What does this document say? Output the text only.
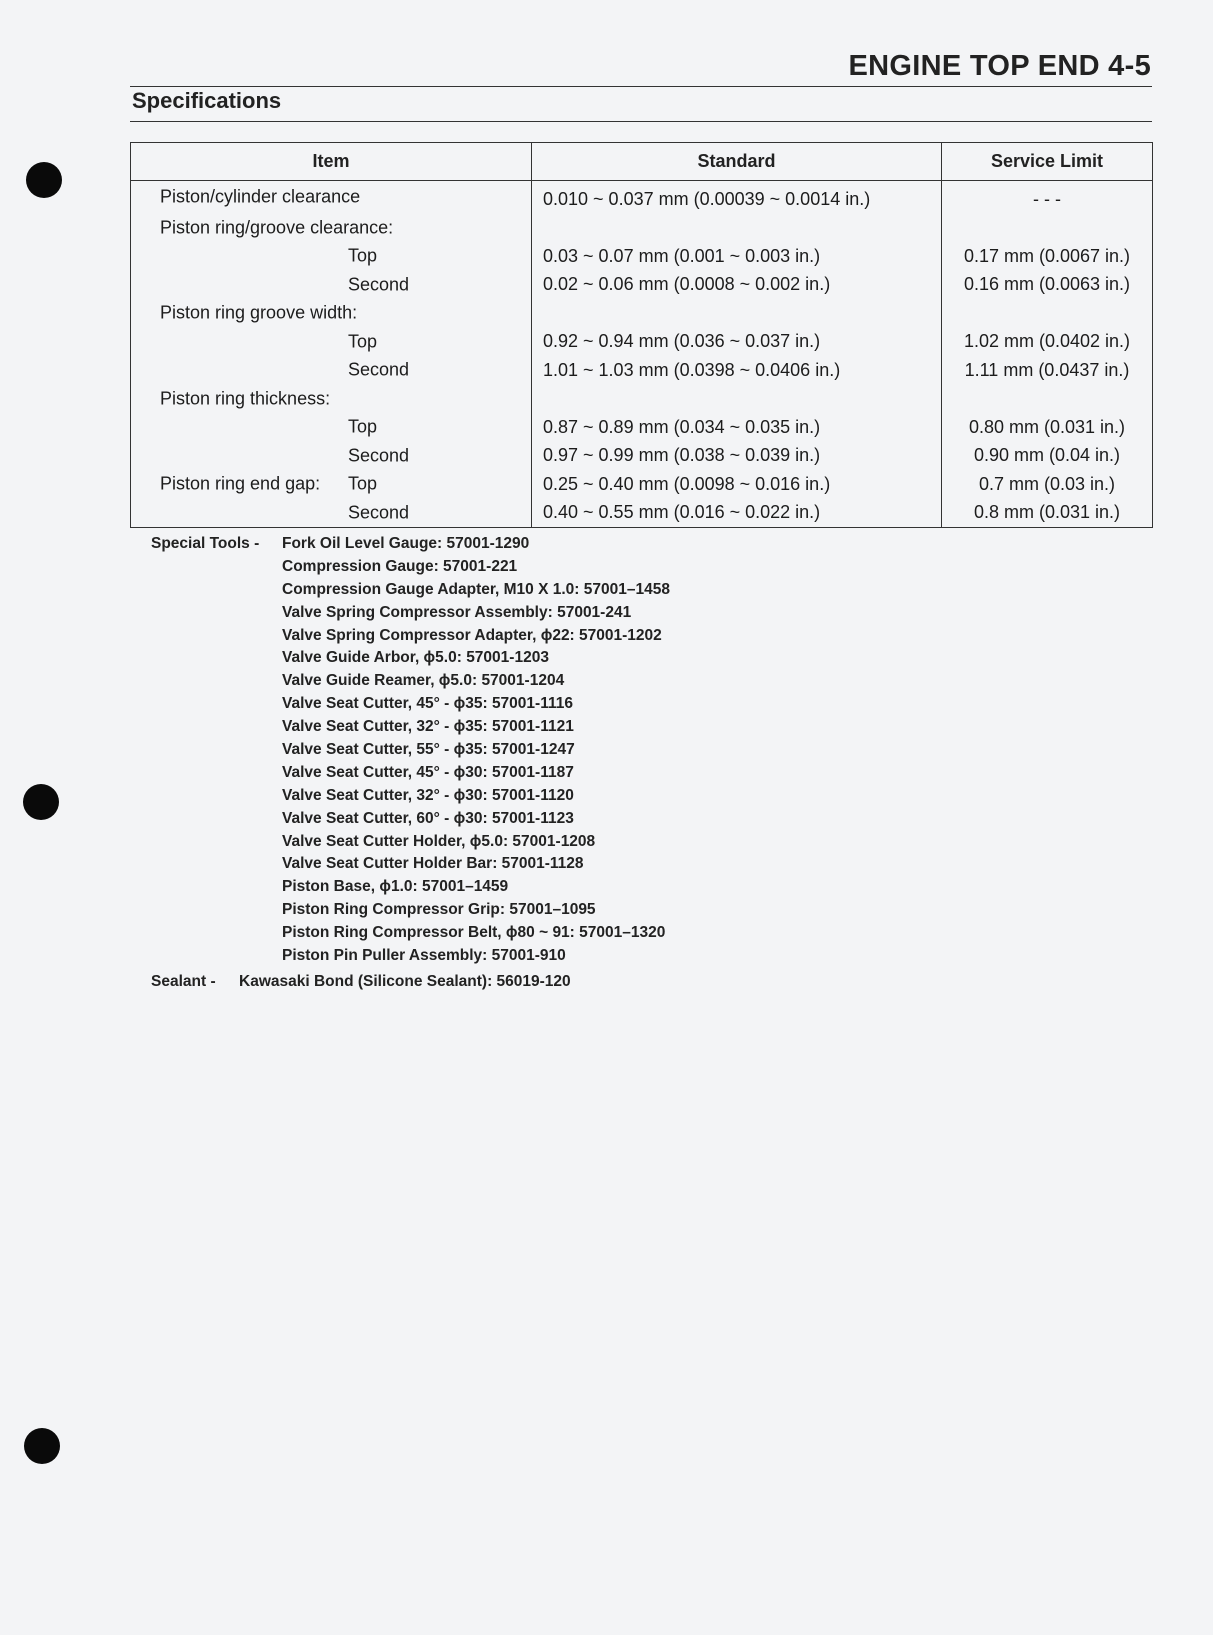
ENGINE TOP END 4-5
Specifications
Item	Standard	Service Limit

Piston/cylinder clearance	0.010 ~ 0.037 mm (0.00039 ~ 0.0014 in.)	- - -

Piston ring/groove clearance:		

Top	0.03 ~ 0.07 mm (0.001 ~ 0.003 in.)	0.17 mm (0.0067 in.)

Second	0.02 ~ 0.06 mm (0.0008 ~ 0.002 in.)	0.16 mm (0.0063 in.)

Piston ring groove width:		

Top	0.92 ~ 0.94 mm (0.036 ~ 0.037 in.)	1.02 mm (0.0402 in.)

Second	1.01 ~ 1.03 mm (0.0398 ~ 0.0406 in.)	1.11 mm (0.0437 in.)

Piston ring thickness:		

Top	0.87 ~ 0.89 mm (0.034 ~ 0.035 in.)	0.80 mm (0.031 in.)

Second	0.97 ~ 0.99 mm (0.038 ~ 0.039 in.)	0.90 mm (0.04 in.)

Piston ring end gap: Top	0.25 ~ 0.40 mm (0.0098 ~ 0.016 in.)	0.7 mm (0.03 in.)

Second	0.40 ~ 0.55 mm (0.016 ~ 0.022 in.)	0.8 mm (0.031 in.)
Special Tools - Fork Oil Level Gauge: 57001-1290
Compression Gauge: 57001-221
Compression Gauge Adapter, M10 X 1.0: 57001–1458
Valve Spring Compressor Assembly: 57001-241
Valve Spring Compressor Adapter, ϕ22: 57001-1202
Valve Guide Arbor, ϕ5.0: 57001-1203
Valve Guide Reamer, ϕ5.0: 57001-1204
Valve Seat Cutter, 45° - ϕ35: 57001-1116
Valve Seat Cutter, 32° - ϕ35: 57001-1121
Valve Seat Cutter, 55° - ϕ35: 57001-1247
Valve Seat Cutter, 45° - ϕ30: 57001-1187
Valve Seat Cutter, 32° - ϕ30: 57001-1120
Valve Seat Cutter, 60° - ϕ30: 57001-1123
Valve Seat Cutter Holder, ϕ5.0: 57001-1208
Valve Seat Cutter Holder Bar: 57001-1128
Piston Base, ϕ1.0: 57001–1459
Piston Ring Compressor Grip: 57001–1095
Piston Ring Compressor Belt, ϕ80 ~ 91: 57001–1320
Piston Pin Puller Assembly: 57001-910
Sealant - Kawasaki Bond (Silicone Sealant): 56019-120
